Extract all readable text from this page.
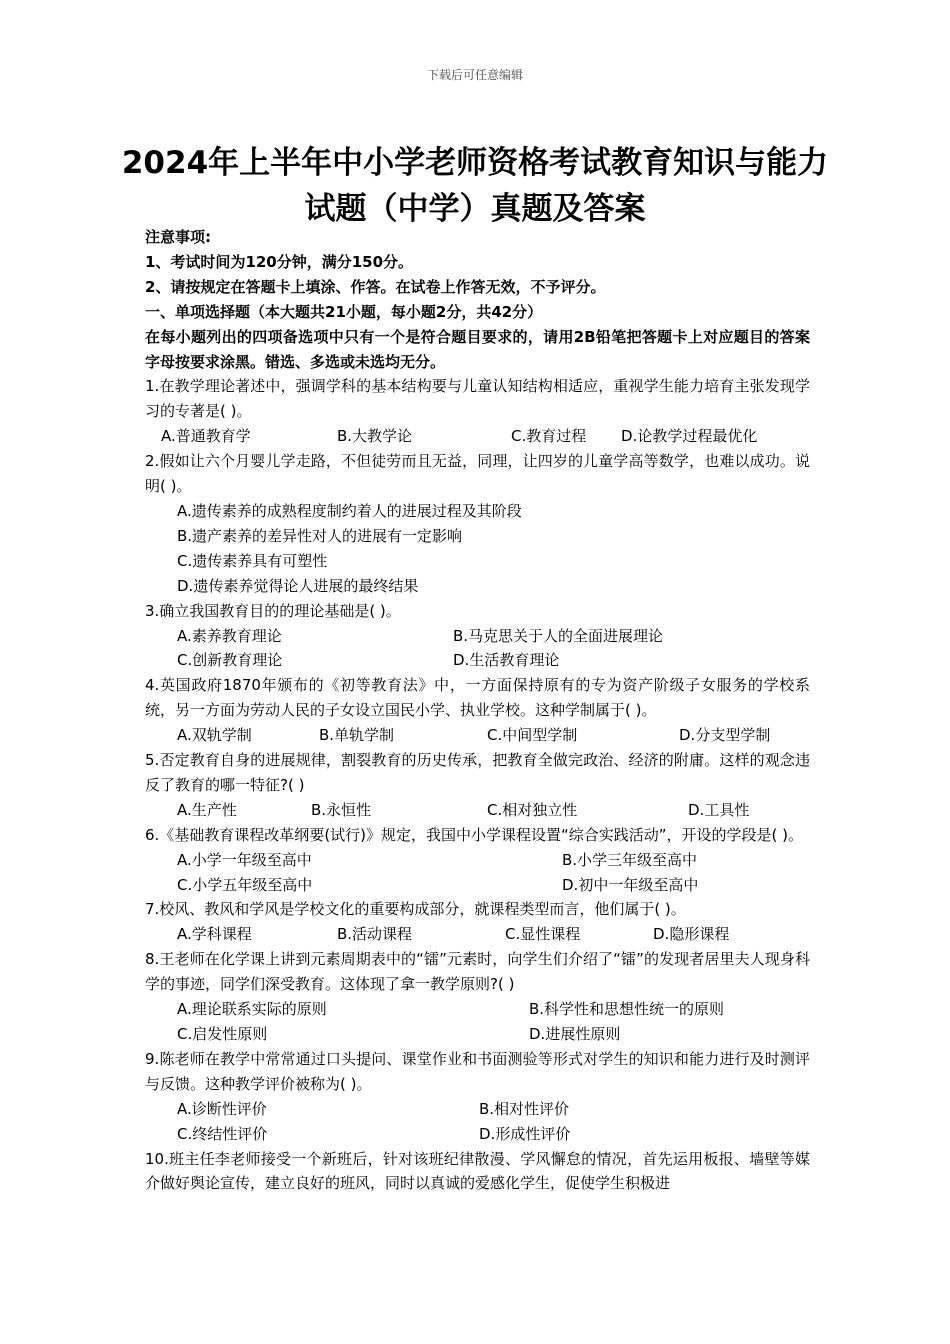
下载后可任意编辑
2024年上半年中小学老师资格考试教育知识与能力
试题（中学）真题及答案
注意事项:
1、考试时间为120分钟，满分150分。
2、请按规定在答题卡上填涂、作答。在试卷上作答无效，不予评分。
一、单项选择题（本大题共21小题，每小题2分，共42分）
在每小题列出的四项备选项中只有一个是符合题目要求的，请用2B铅笔把答题卡上对应题目的答案字母按要求涂黑。错选、多选或未选均无分。
1.在教学理论著述中，强调学科的基本结构要与儿童认知结构相适应，重视学生能力培育主张发现学习的专著是( )。
A.普通教育学	B.大教学论	C.教育过程	D.论教学过程最优化
2.假如让六个月婴儿学走路，不但徒劳而且无益，同理，让四岁的儿童学高等数学，也难以成功。说明( )。
A.遗传素养的成熟程度制约着人的进展过程及其阶段
B.遗产素养的差异性对人的进展有一定影响
C.遗传素养具有可塑性
D.遗传素养觉得论人进展的最终结果
3.确立我国教育目的的理论基础是( )。
A.素养教育理论	B.马克思关于人的全面进展理论
C.创新教育理论	D.生活教育理论
4.英国政府1870年颁布的《初等教育法》中，一方面保持原有的专为资产阶级子女服务的学校系统，另一方面为劳动人民的子女设立国民小学、执业学校。这种学制属于( )。
A.双轨学制	B.单轨学制	C.中间型学制	D.分支型学制
5.否定教育自身的进展规律，割裂教育的历史传承，把教育全做完政治、经济的附庸。这样的观念违反了教育的哪一特征?( )
A.生产性	B.永恒性	C.相对独立性	D.工具性
6.《基础教育课程改革纲要(试行)》规定，我国中小学课程设置“综合实践活动”，开设的学段是( )。
A.小学一年级至高中	B.小学三年级至高中
C.小学五年级至高中	D.初中一年级至高中
7.校风、教风和学风是学校文化的重要构成部分，就课程类型而言，他们属于( )。
A.学科课程	B.活动课程	C.显性课程	D.隐形课程
8.王老师在化学课上讲到元素周期表中的“镭”元素时，向学生们介绍了“镭”的发现者居里夫人现身科学的事迹，同学们深受教育。这体现了拿一教学原则?( )
A.理论联系实际的原则	B.科学性和思想性统一的原则
C.启发性原则	D.进展性原则
9.陈老师在教学中常常通过口头提问、课堂作业和书面测验等形式对学生的知识和能力进行及时测评与反馈。这种教学评价被称为( )。
A.诊断性评价	B.相对性评价
C.终结性评价	D.形成性评价
10.班主任李老师接受一个新班后，针对该班纪律散漫、学风懈怠的情况，首先运用板报、墙壁等媒介做好舆论宣传，建立良好的班风，同时以真诚的爱感化学生，促使学生积极进
